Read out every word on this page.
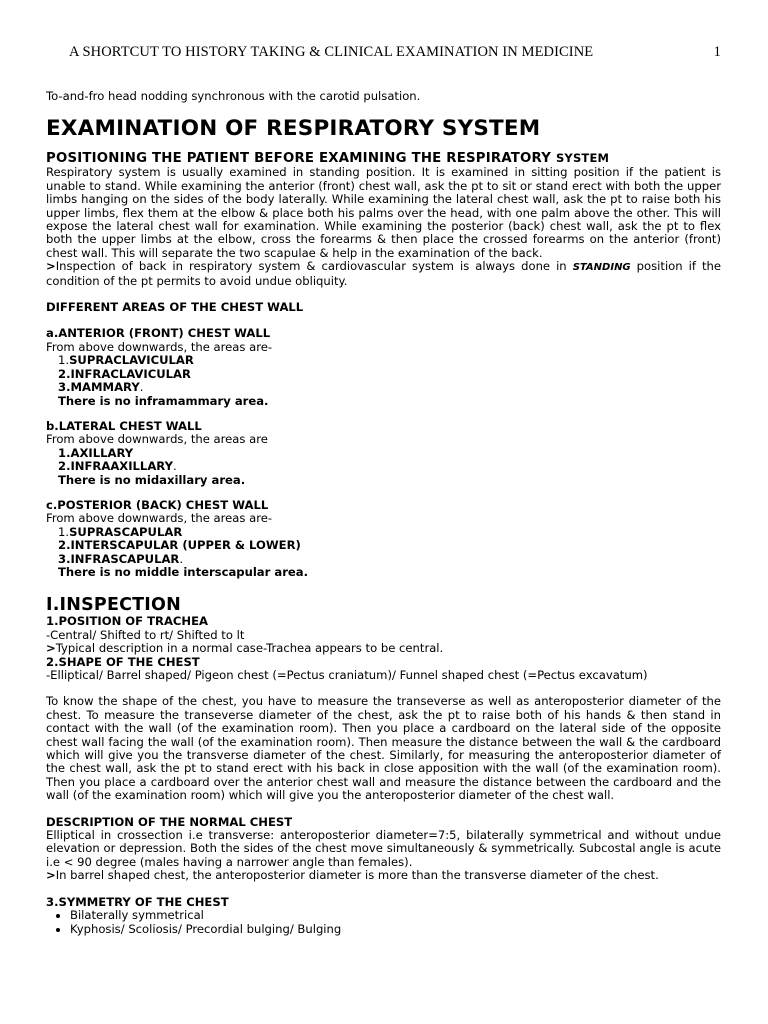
A SHORTCUT TO HISTORY TAKING & CLINICAL EXAMINATION IN MEDICINE	1
To-and-fro head nodding synchronous with the carotid pulsation.
EXAMINATION OF RESPIRATORY SYSTEM
POSITIONING THE PATIENT BEFORE EXAMINING THE RESPIRATORY SYSTEM

Respiratory system is usually examined in standing position. It is examined in sitting position if the patient is unable to stand. While examining the anterior (front) chest wall, ask the pt to sit or stand erect with both the upper limbs hanging on the sides of the body laterally. While examining the lateral chest wall, ask the pt to raise both his upper limbs, flex them at the elbow & place both his palms over the head, with one palm above the other. This will expose the lateral chest wall for examination. While examining the posterior (back) chest wall, ask the pt to flex both the upper limbs at the elbow, cross the forearms & then place the crossed forearms on the anterior (front) chest wall. This will separate the two scapulae & help in the examination of the back.

>Inspection of back in respiratory system & cardiovascular system is always done in STANDING position if the condition of the pt permits to avoid undue obliquity.

DIFFERENT AREAS OF THE CHEST WALL
a.ANTERIOR (FRONT) CHEST WALL
From above downwards, the areas are-
1.SUPRACLAVICULAR
2.INFRACLAVICULAR
3.MAMMARY.
There is no inframammary area.
b.LATERAL CHEST WALL
From above downwards, the areas are
1.AXILLARY
2.INFRAAXILLARY.
There is no midaxillary area.
c.POSTERIOR (BACK) CHEST WALL
From above downwards, the areas are-
1.SUPRASCAPULAR
2.INTERSCAPULAR (UPPER & LOWER)
3.INFRASCAPULAR.
There is no middle interscapular area.
I.INSPECTION
1.POSITION OF TRACHEA
-Central/ Shifted to rt/ Shifted to lt
>Typical description in a normal case-Trachea appears to be central.
2.SHAPE OF THE CHEST
-Elliptical/ Barrel shaped/ Pigeon chest (=Pectus craniatum)/ Funnel shaped chest (=Pectus excavatum)

To know the shape of the chest, you have to measure the transeverse as well as anteroposterior diameter of the chest. To measure the transeverse diameter of the chest, ask the pt to raise both of his hands & then stand in contact with the wall (of the examination room). Then you place a cardboard on the lateral side of the opposite chest wall facing the wall (of the examination room). Then measure the distance between the wall & the cardboard which will give you the transverse diameter of the chest. Similarly, for measuring the anteroposterior diameter of the chest wall, ask the pt to stand erect with his back in close apposition with the wall (of the examination room). Then you place a cardboard over the anterior chest wall and measure the distance between the cardboard and the wall (of the examination room) which will give you the anteroposterior diameter of the chest wall.

DESCRIPTION OF THE NORMAL CHEST

Elliptical in crossection i.e transverse: anteroposterior diameter=7:5, bilaterally symmetrical and without undue elevation or depression. Both the sides of the chest move simultaneously & symmetrically. Subcostal angle is acute i.e < 90 degree (males having a narrower angle than females).

>In barrel shaped chest, the anteroposterior diameter is more than the transverse diameter of the chest.
3.SYMMETRY OF THE CHEST
• Bilaterally symmetrical
• Kyphosis/ Scoliosis/ Precordial bulging/ Bulging
